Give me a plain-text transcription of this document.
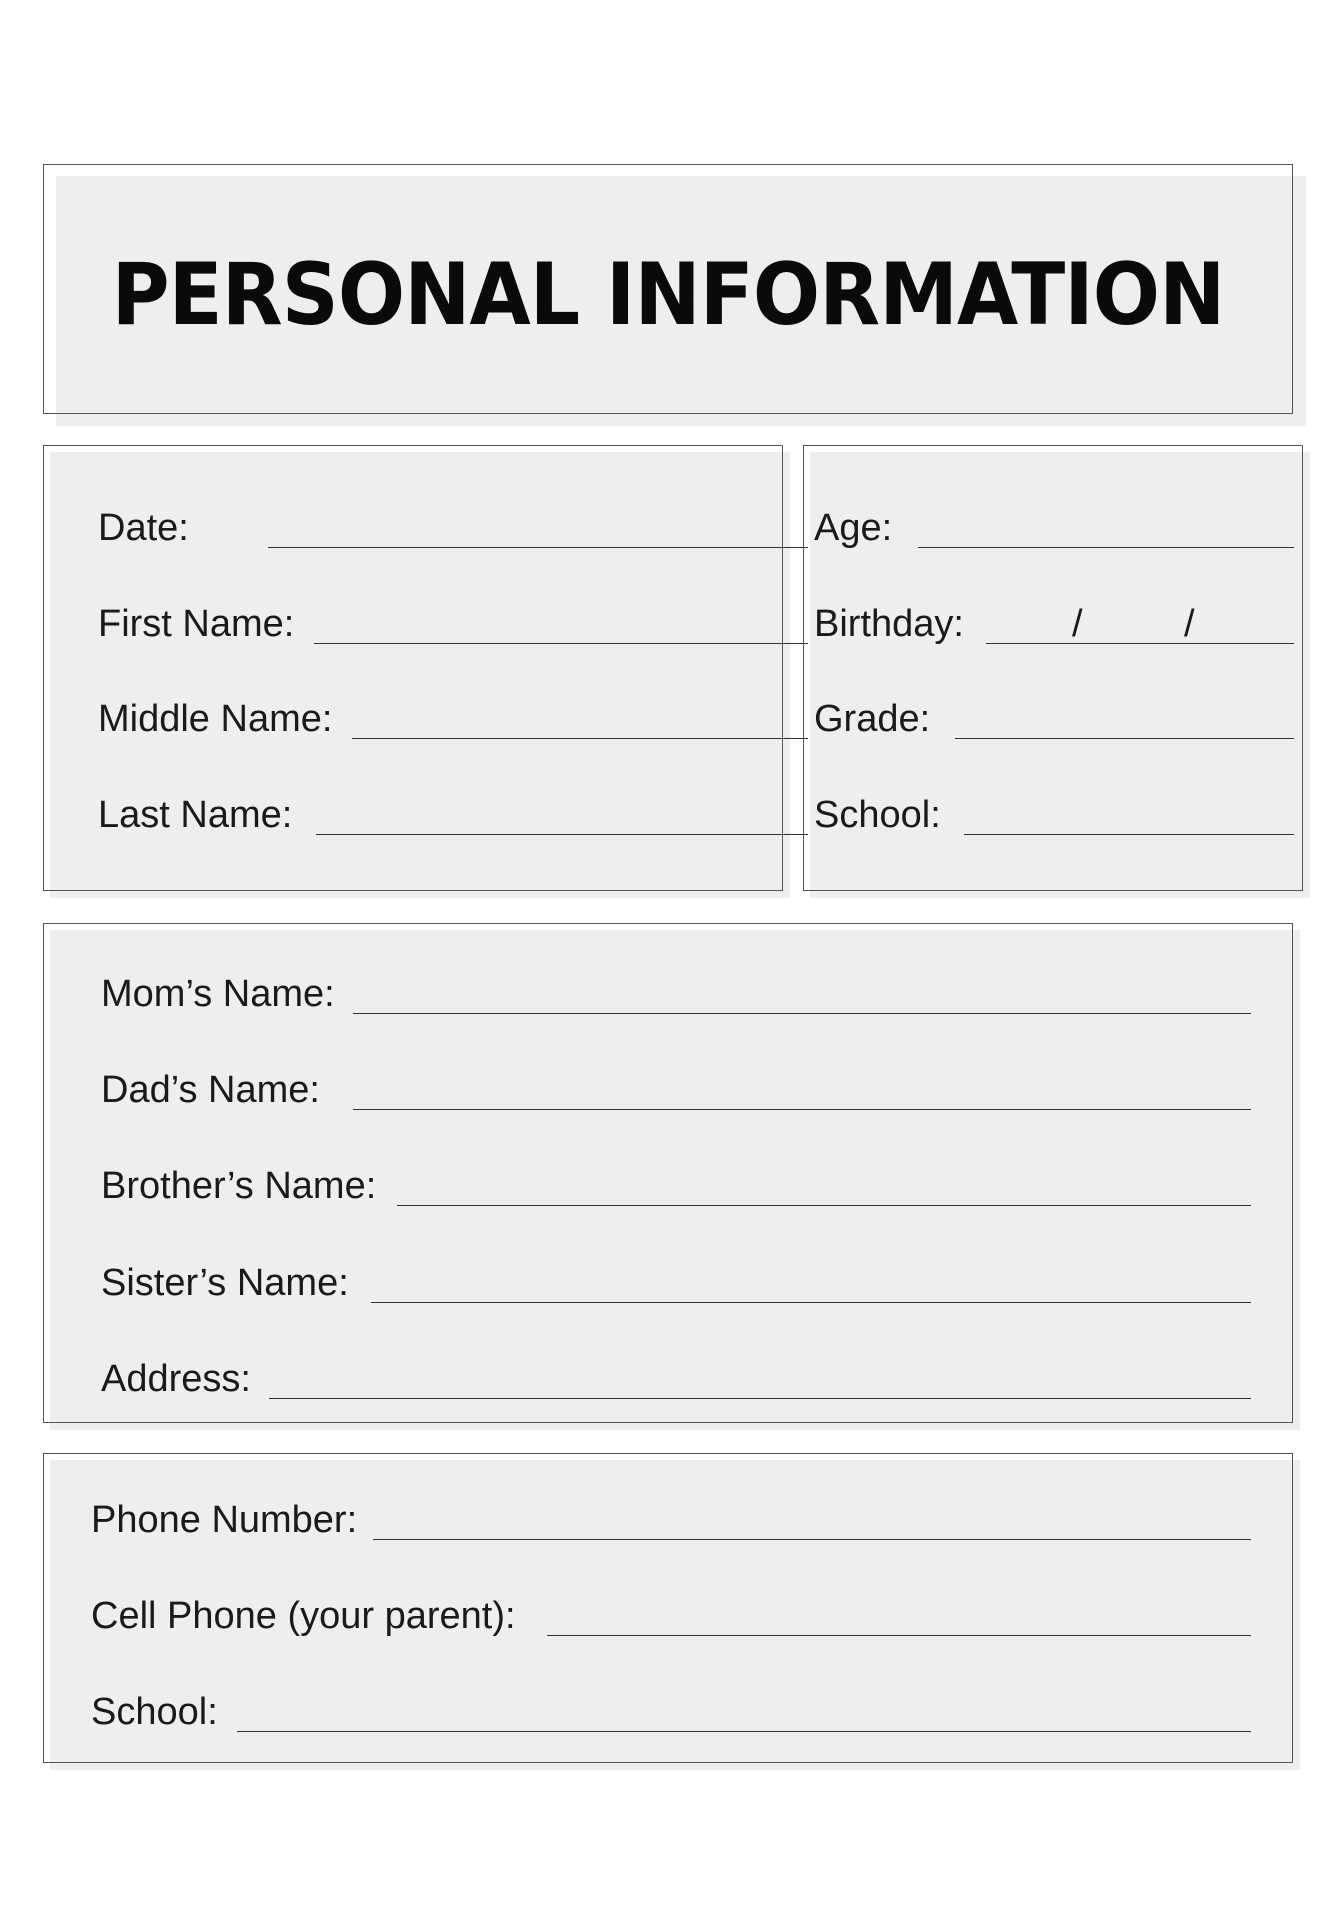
PERSONAL INFORMATION
Date:
First Name:
Middle Name:
Last Name:
Age:
Birthday:	/	/
Grade:
School:
Mom’s Name:
Dad’s Name:
Brother’s Name:
Sister’s Name:
Address:
Phone Number:
Cell Phone (your parent):
School:
